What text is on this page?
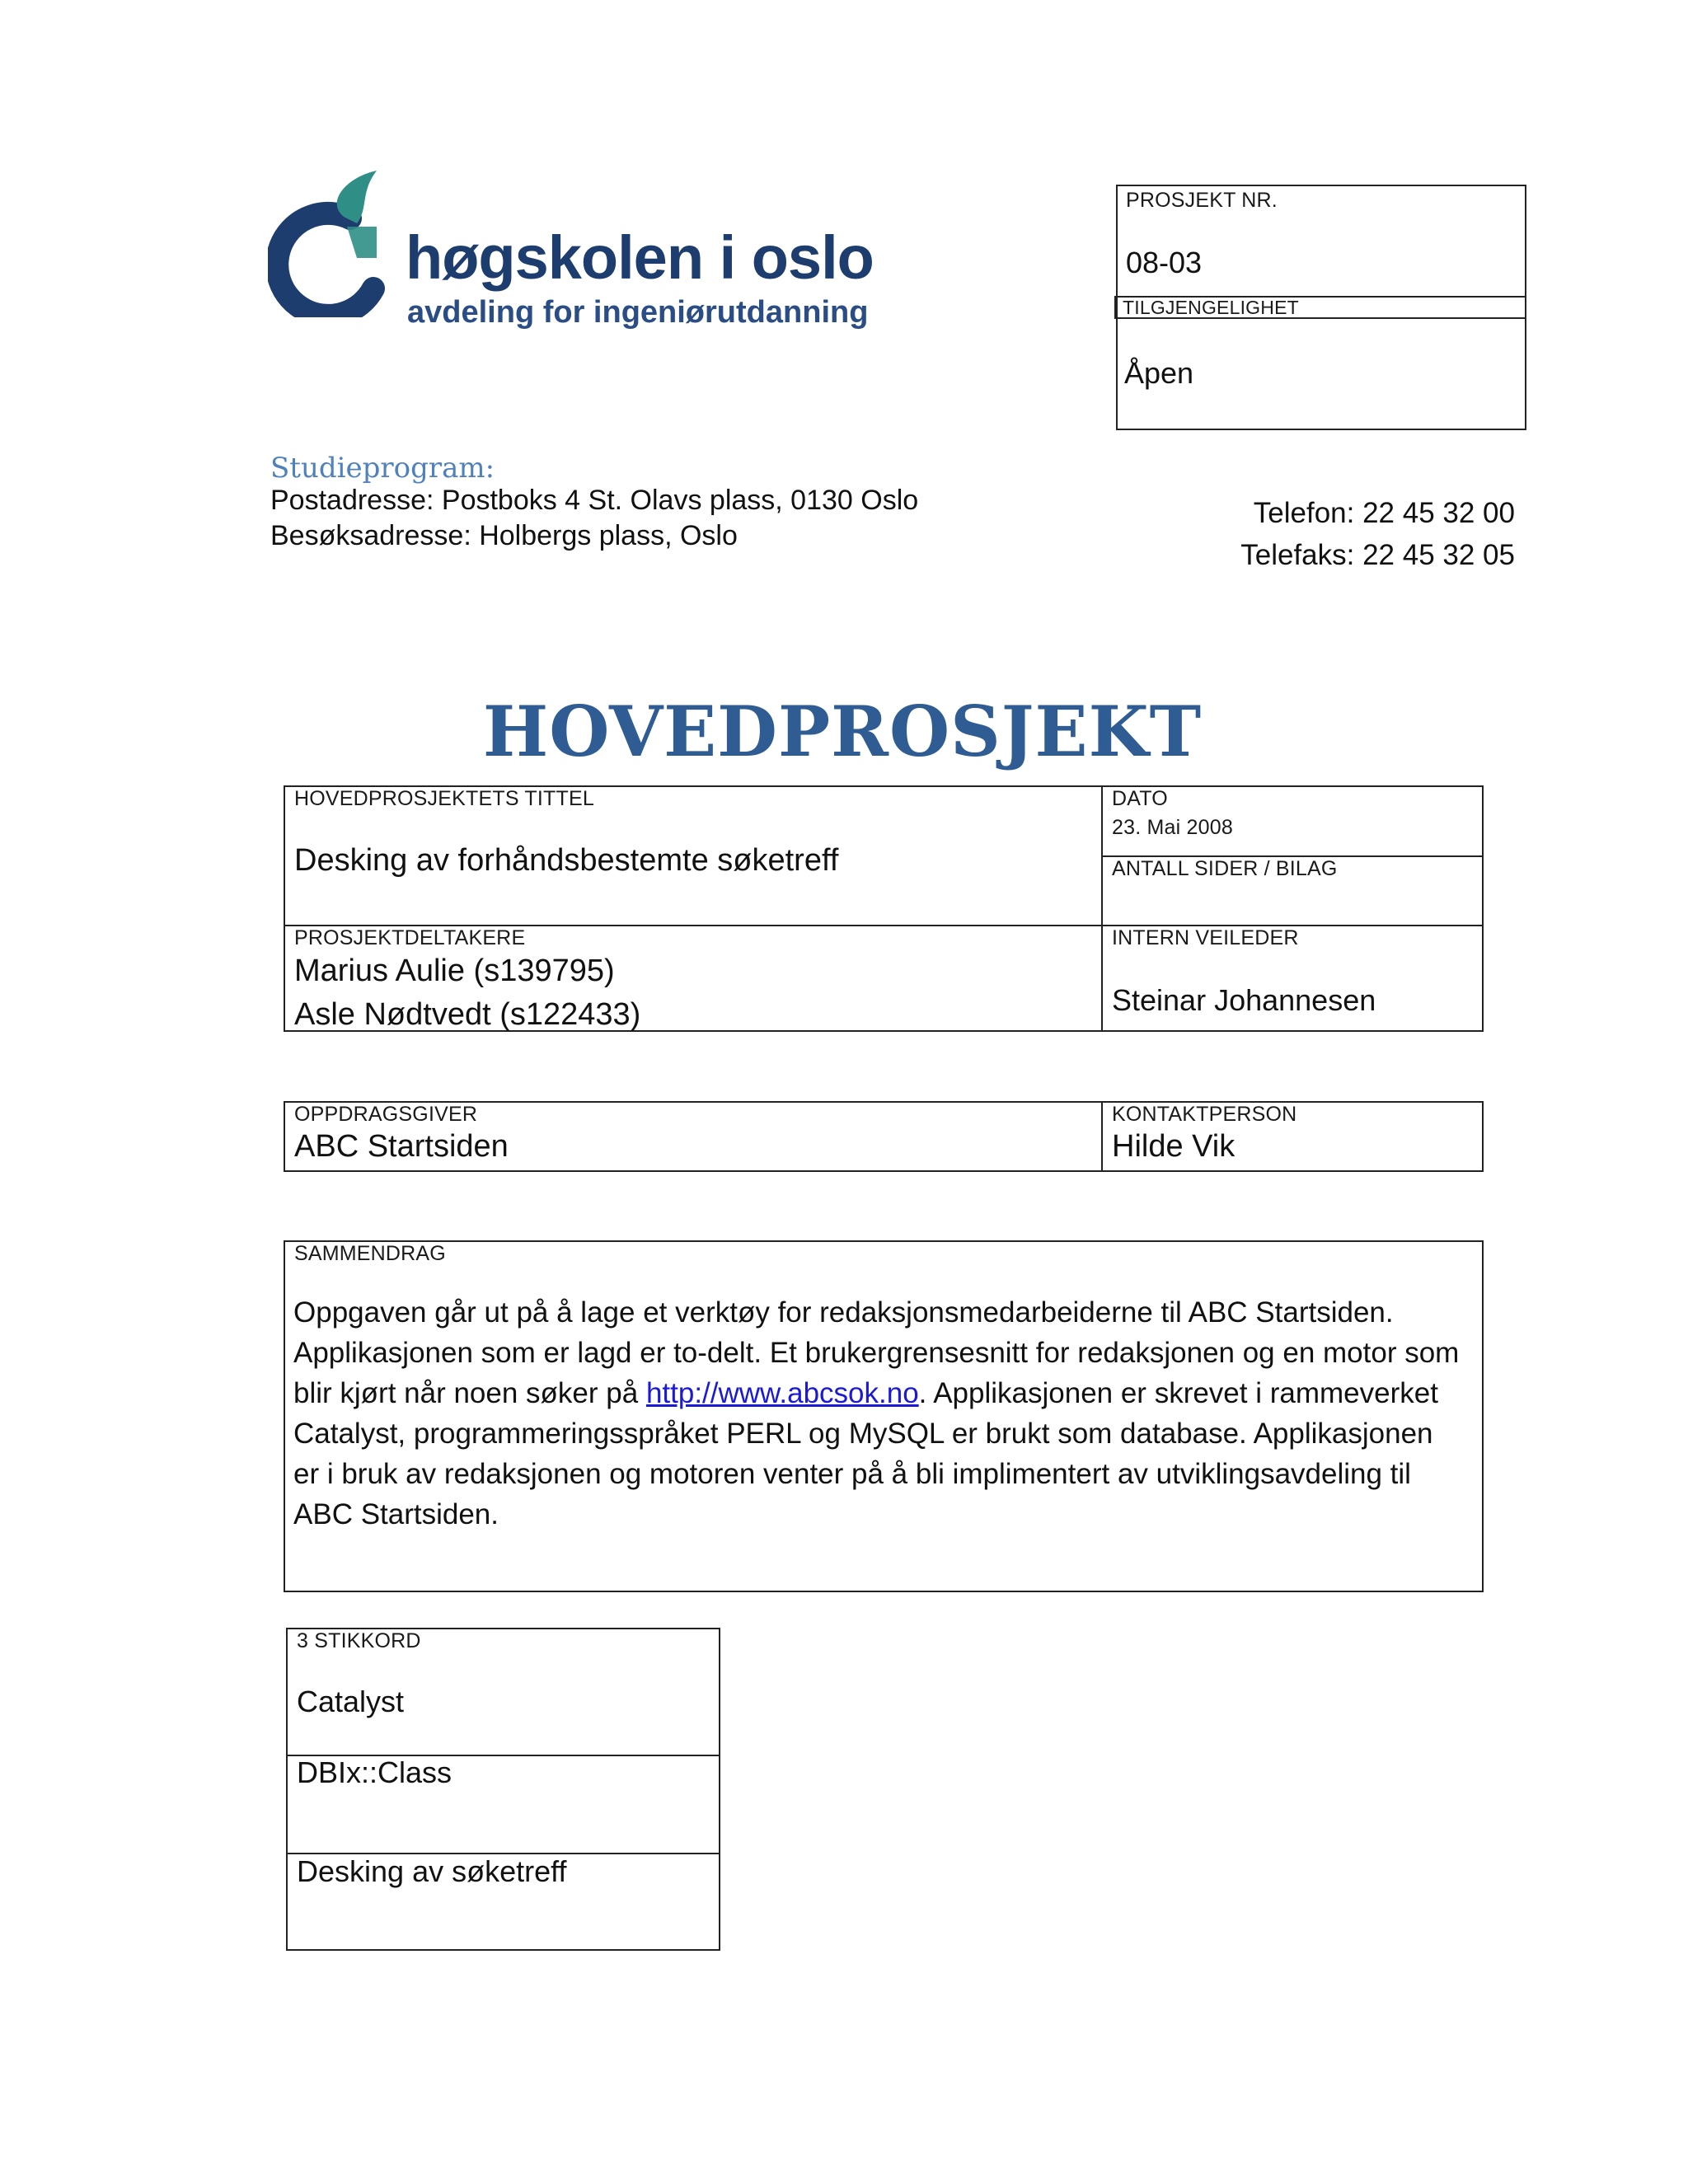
høgskolen i oslo
avdeling for ingeniørutdanning
PROSJEKT NR.
08-03
TILGJENGELIGHET
Åpen
Studieprogram:
Postadresse: Postboks 4 St. Olavs plass, 0130 Oslo
Besøksadresse: Holbergs plass, Oslo
Telefon: 22 45 32 00
Telefaks: 22 45 32 05
HOVEDPROSJEKT
HOVEDPROSJEKTETS TITTEL
Desking av forhåndsbestemte søketreff
DATO
23. Mai 2008
ANTALL SIDER / BILAG
PROSJEKTDELTAKERE
Marius Aulie (s139795)
Asle Nødtvedt (s122433)
INTERN VEILEDER
Steinar Johannesen
OPPDRAGSGIVER
ABC Startsiden
KONTAKTPERSON
Hilde Vik
SAMMENDRAG
Oppgaven går ut på å lage et verktøy for redaksjonsmedarbeiderne til ABC Startsiden. Applikasjonen som er lagd er to-delt. Et brukergrensesnitt for redaksjonen og en motor som blir kjørt når noen søker på http://www.abcsok.no. Applikasjonen er skrevet i rammeverket Catalyst, programmeringsspråket PERL og MySQL er brukt som database. Applikasjonen er i bruk av redaksjonen og motoren venter på å bli implimentert av utviklingsavdeling til ABC Startsiden.
3 STIKKORD
Catalyst
DBIx::Class
Desking av søketreff
